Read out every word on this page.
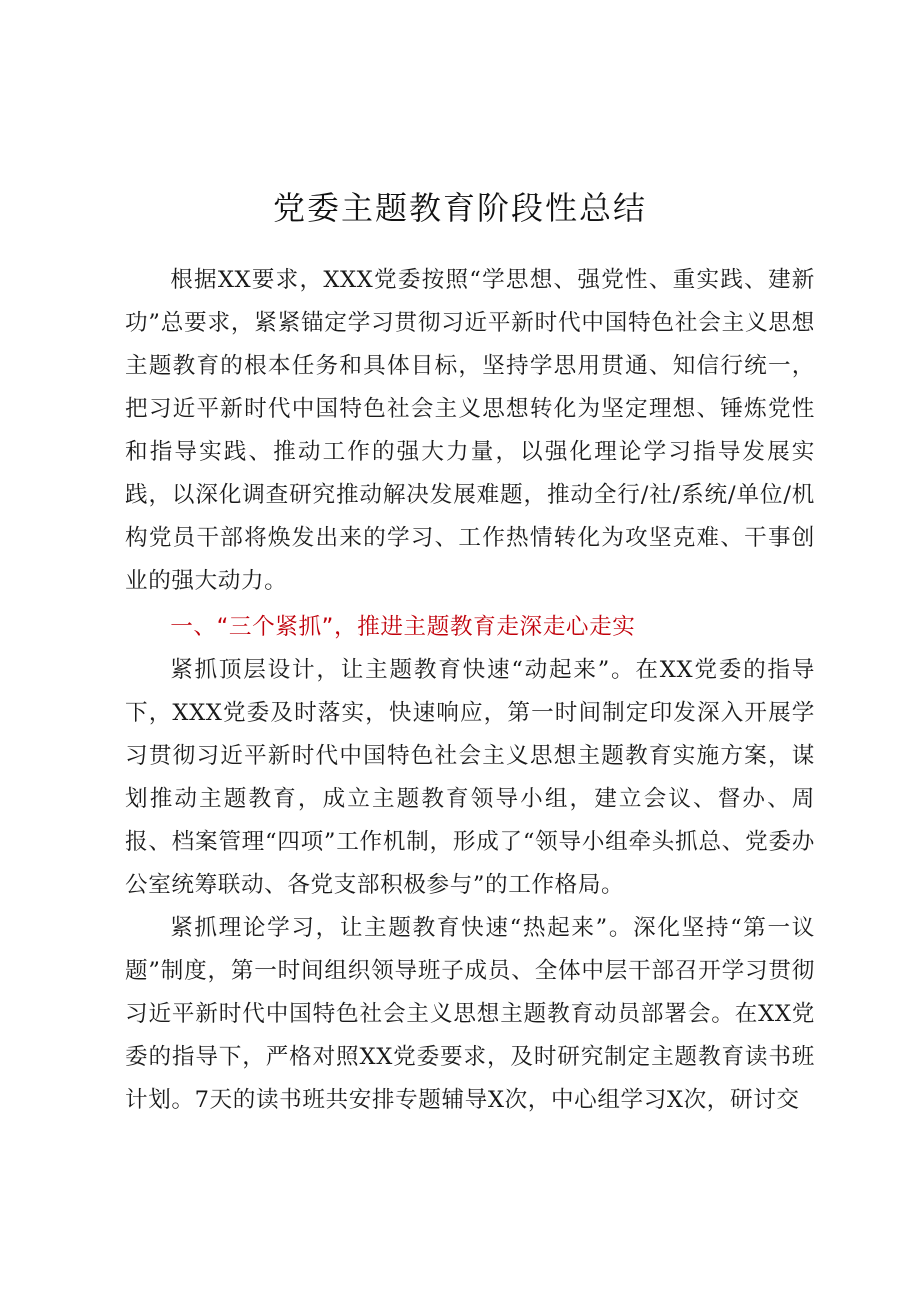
党委主题教育阶段性总结

根据XX要求，XXX党委按照“学思想、强党性、重实践、建新功”总要求，紧紧锚定学习贯彻习近平新时代中国特色社会主义思想主题教育的根本任务和具体目标，坚持学思用贯通、知信行统一，把习近平新时代中国特色社会主义思想转化为坚定理想、锤炼党性和指导实践、推动工作的强大力量，以强化理论学习指导发展实践，以深化调查研究推动解决发展难题，推动全行/社/系统/单位/机构党员干部将焕发出来的学习、工作热情转化为攻坚克难、干事创业的强大动力。

一、“三个紧抓”，推进主题教育走深走心走实

紧抓顶层设计，让主题教育快速“动起来”。在XX党委的指导下，XXX党委及时落实，快速响应，第一时间制定印发深入开展学习贯彻习近平新时代中国特色社会主义思想主题教育实施方案，谋划推动主题教育，成立主题教育领导小组，建立会议、督办、周报、档案管理“四项”工作机制，形成了“领导小组牵头抓总、党委办公室统筹联动、各党支部积极参与”的工作格局。

紧抓理论学习，让主题教育快速“热起来”。深化坚持“第一议题”制度，第一时间组织领导班子成员、全体中层干部召开学习贯彻习近平新时代中国特色社会主义思想主题教育动员部署会。在XX党委的指导下，严格对照XX党委要求，及时研究制定主题教育读书班计划。7天的读书班共安排专题辅导X次，中心组学习X次，研讨交
